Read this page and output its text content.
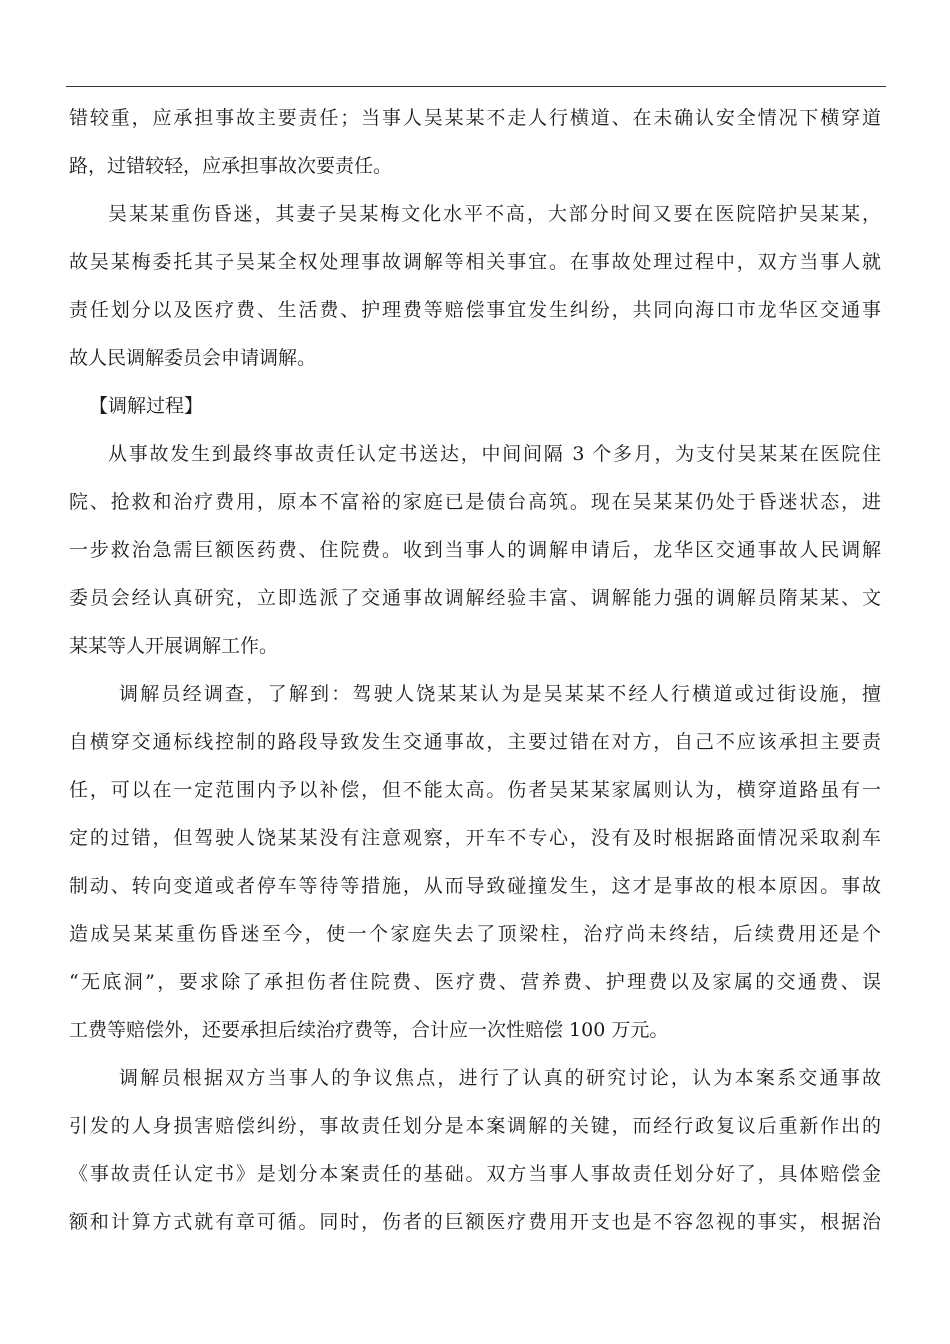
错较重，应承担事故主要责任；当事人吴某某不走人行横道、在未确认安全情况下横穿道
路，过错较轻，应承担事故次要责任。
吴某某重伤昏迷，其妻子吴某梅文化水平不高，大部分时间又要在医院陪护吴某某，
故吴某梅委托其子吴某全权处理事故调解等相关事宜。在事故处理过程中，双方当事人就
责任划分以及医疗费、生活费、护理费等赔偿事宜发生纠纷，共同向海口市龙华区交通事
故人民调解委员会申请调解。
【调解过程】
从事故发生到最终事故责任认定书送达，中间间隔 3 个多月，为支付吴某某在医院住
院、抢救和治疗费用，原本不富裕的家庭已是债台高筑。现在吴某某仍处于昏迷状态，进
一步救治急需巨额医药费、住院费。收到当事人的调解申请后，龙华区交通事故人民调解
委员会经认真研究，立即选派了交通事故调解经验丰富、调解能力强的调解员隋某某、文
某某等人开展调解工作。
调解员经调查，了解到：驾驶人饶某某认为是吴某某不经人行横道或过街设施，擅
自横穿交通标线控制的路段导致发生交通事故，主要过错在对方，自己不应该承担主要责
任，可以在一定范围内予以补偿，但不能太高。伤者吴某某家属则认为，横穿道路虽有一
定的过错，但驾驶人饶某某没有注意观察，开车不专心，没有及时根据路面情况采取刹车
制动、转向变道或者停车等待等措施，从而导致碰撞发生，这才是事故的根本原因。事故
造成吴某某重伤昏迷至今，使一个家庭失去了顶梁柱，治疗尚未终结，后续费用还是个
“无底洞”，要求除了承担伤者住院费、医疗费、营养费、护理费以及家属的交通费、误
工费等赔偿外，还要承担后续治疗费等，合计应一次性赔偿 100 万元。
调解员根据双方当事人的争议焦点，进行了认真的研究讨论，认为本案系交通事故
引发的人身损害赔偿纠纷，事故责任划分是本案调解的关键，而经行政复议后重新作出的
《事故责任认定书》是划分本案责任的基础。双方当事人事故责任划分好了，具体赔偿金
额和计算方式就有章可循。同时，伤者的巨额医疗费用开支也是不容忽视的事实，根据治
